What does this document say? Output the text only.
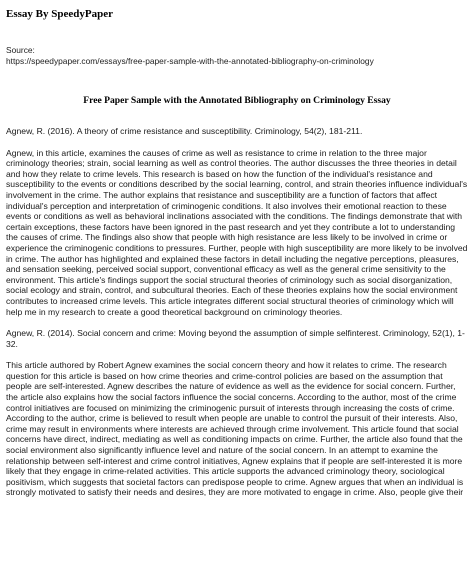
Essay By SpeedyPaper
Source:
https://speedypaper.com/essays/free-paper-sample-with-the-annotated-bibliography-on-criminology
Free Paper Sample with the Annotated Bibliography on Criminology Essay

Agnew, R. (2016). A theory of crime resistance and susceptibility. Criminology, 54(2), 181-211.

Agnew, in this article, examines the causes of crime as well as resistance to crime in relation to the three major criminology theories; strain, social learning as well as control theories. The author discusses the three theories in detail and how they relate to crime levels. This research is based on how the function of the individual's resistance and susceptibility to the events or conditions described by the social learning, control, and strain theories influence individual's involvement in the crime. The author explains that resistance and susceptibility are a function of factors that affect individual's perception and interpretation of criminogenic conditions. It also involves their emotional reaction to these events or conditions as well as behavioral inclinations associated with the conditions. The findings demonstrate that with certain exceptions, these factors have been ignored in the past research and yet they contribute a lot to understanding the causes of crime. The findings also show that people with high resistance are less likely to be involved in crime or experience the criminogenic conditions to pressures. Further, people with high susceptibility are more likely to be involved in crime. The author has highlighted and explained these factors in detail including the negative perceptions, pleasures, and sensation seeking, perceived social support, conventional efficacy as well as the general crime sensitivity to the environment. This article's findings support the social structural theories of criminology such as social disorganization, social ecology and strain, control, and subcultural theories. Each of these theories explains how the social environment contributes to increased crime levels. This article integrates different social structural theories of criminology which will help me in my research to create a good theoretical background on criminology theories.

Agnew, R. (2014). Social concern and crime: Moving beyond the assumption of simple selfinterest. Criminology, 52(1), 1-32.

This article authored by Robert Agnew examines the social concern theory and how it relates to crime. The research question for this article is based on how crime theories and crime-control policies are based on the assumption that people are self-interested. Agnew describes the nature of evidence as well as the evidence for social concern. Further, the article also explains how the social factors influence the social concerns. According to the author, most of the crime control initiatives are focused on minimizing the criminogenic pursuit of interests through increasing the costs of crime. According to the author, crime is believed to result when people are unable to control the pursuit of their interests. Also, crime may result in environments where interests are achieved through crime involvement. This article found that social concerns have direct, indirect, mediating as well as conditioning impacts on crime. Further, the article also found that the social environment also significantly influence level and nature of the social concern. In an attempt to examine the relationship between self-interest and crime control initiatives, Agnew explains that if people are self-interested it is more likely that they engage in crime-related activities. This article supports the advanced criminology theory, sociological positivism, which suggests that societal factors can predispose people to crime. Agnew argues that when an individual is strongly motivated to satisfy their needs and desires, they are more motivated to engage in crime. Also, people give their
